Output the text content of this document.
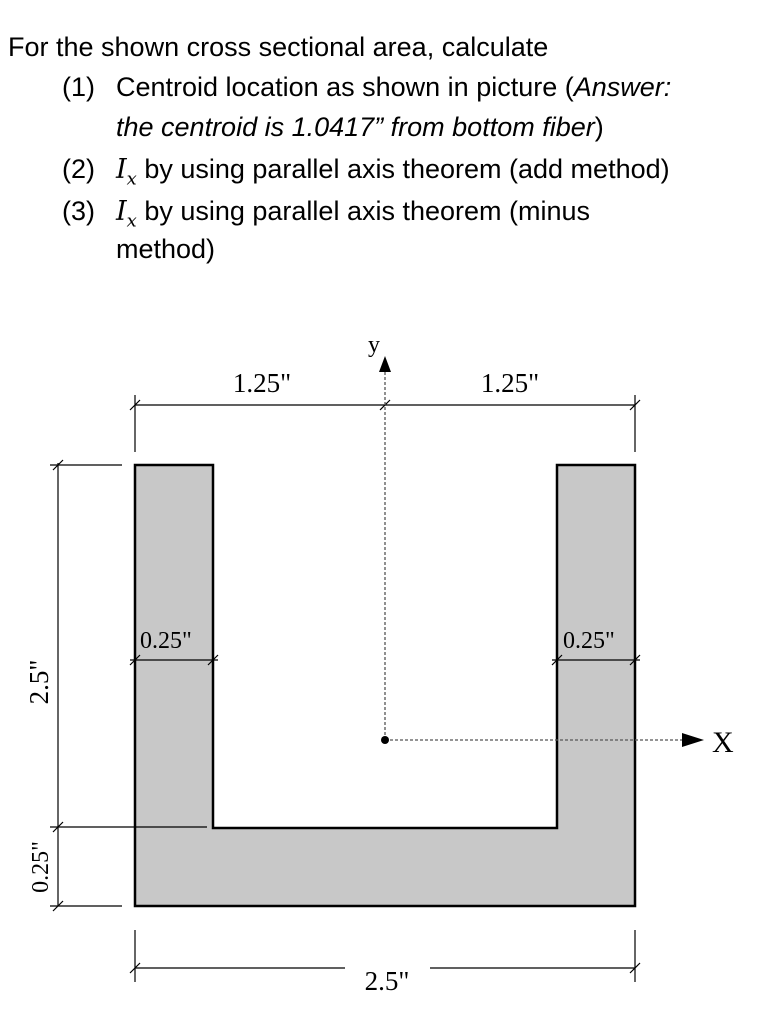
For the shown cross sectional area, calculate
(1) Centroid location as shown in picture (Answer:
the centroid is 1.0417” from bottom fiber)
(2) $I_x$ by using parallel axis theorem (add method)
(3) $I_x$ by using parallel axis theorem (minus
method)
y
X
1.25"	1.25"
0.25"	0.25"
2.5"
2.5"
0.25"
